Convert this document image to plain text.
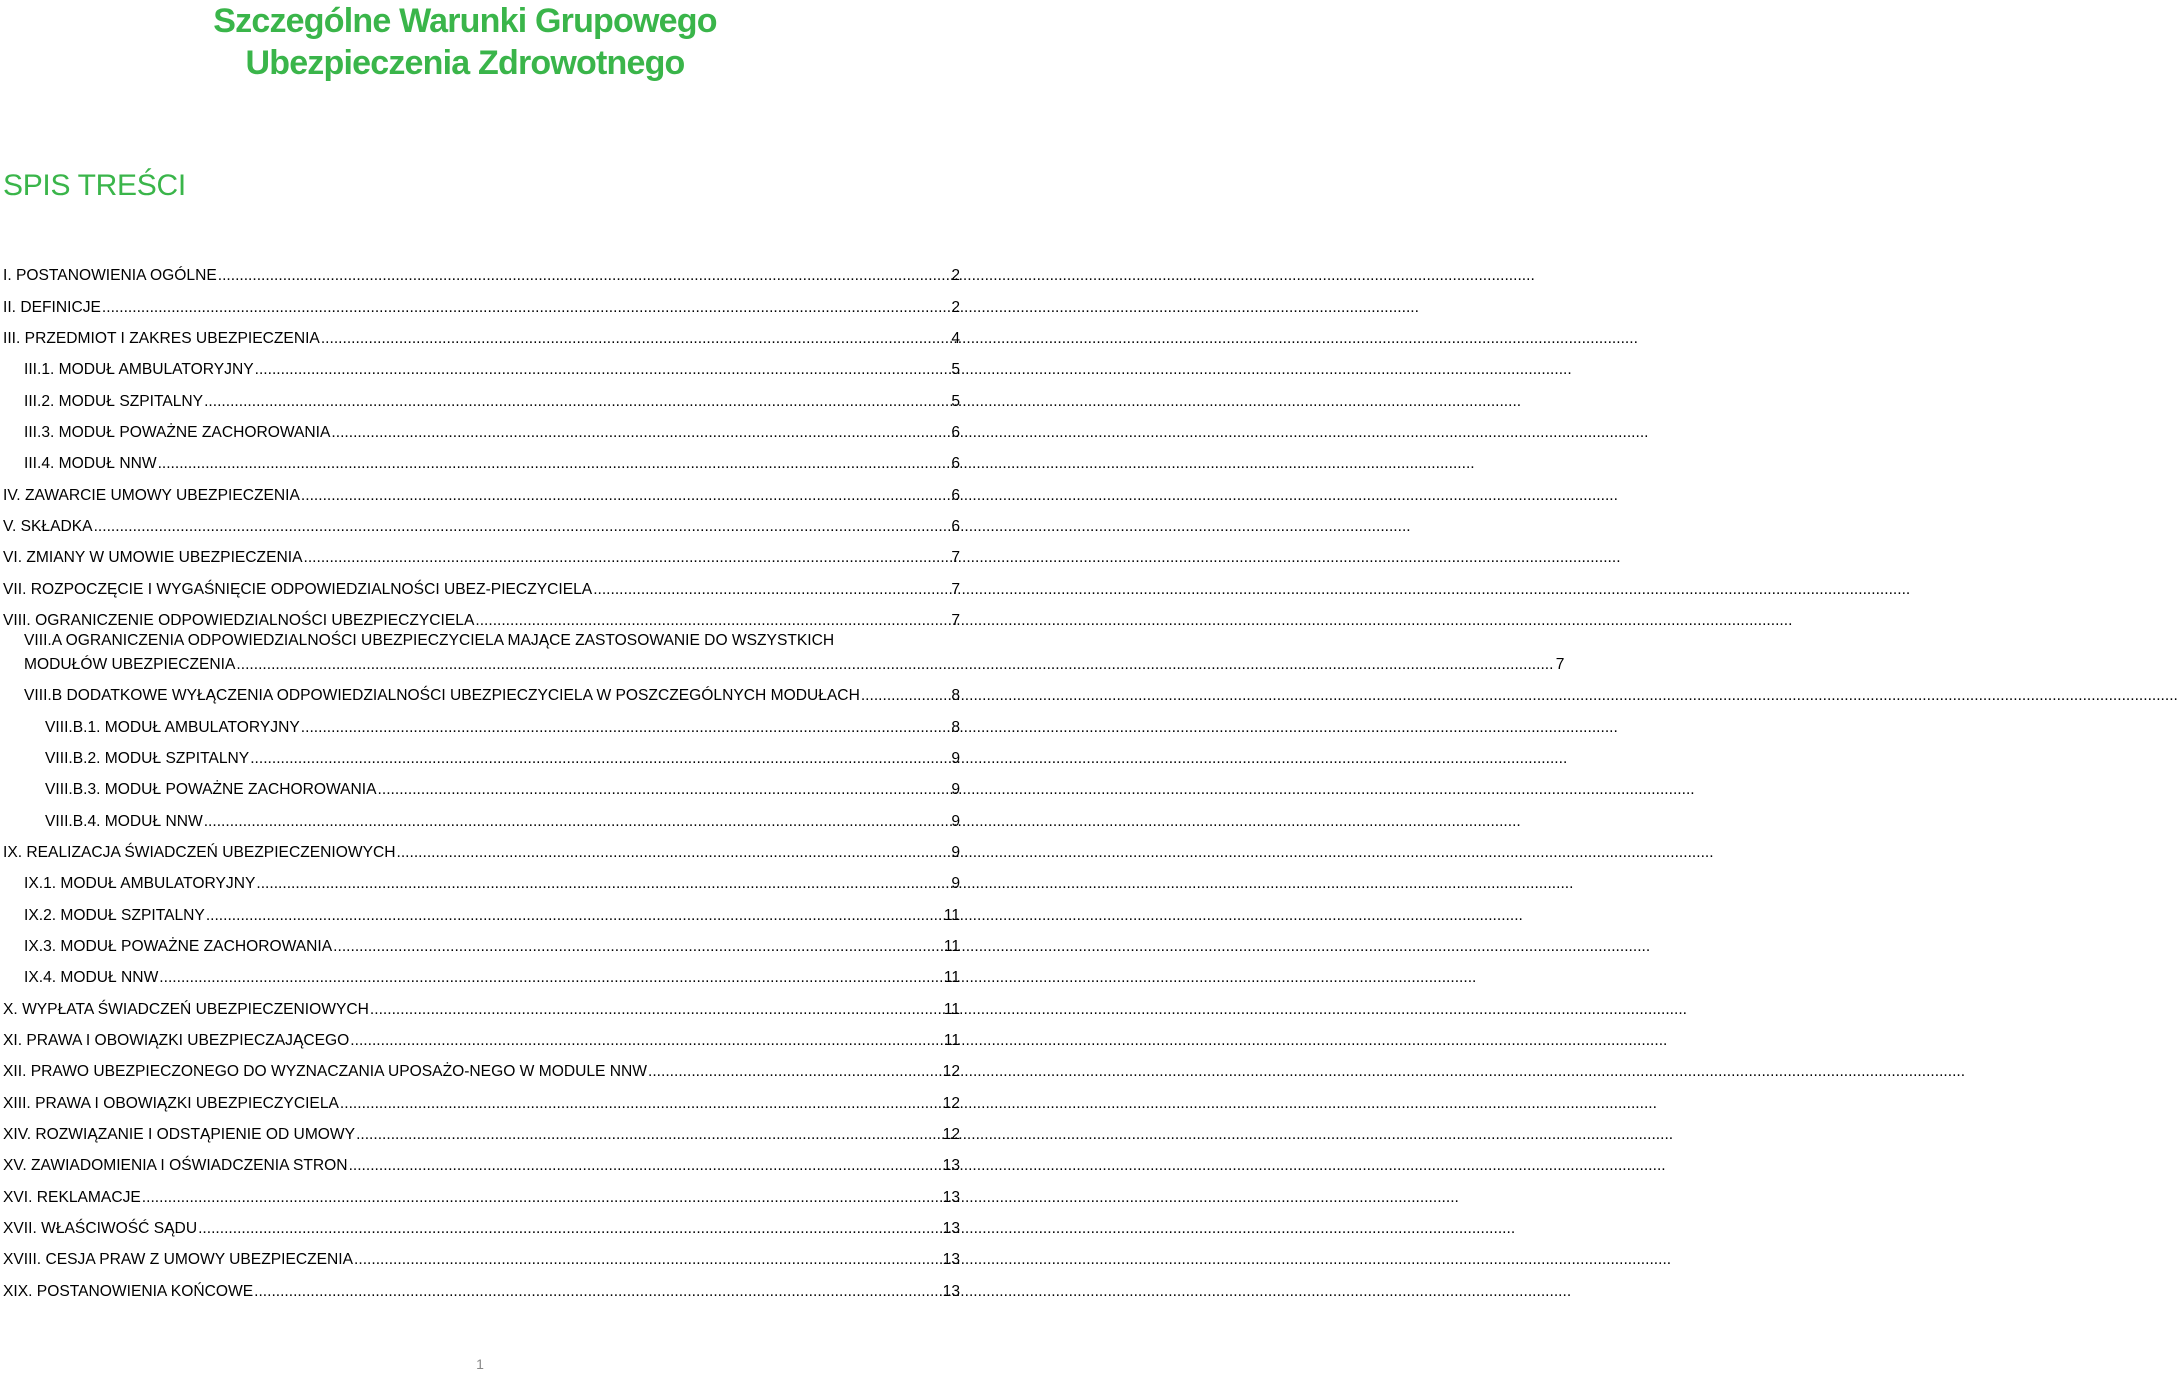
Szczególne Warunki Grupowego
Ubezpieczenia Zdrowotnego
SPIS TREŚCI
I. POSTANOWIENIA OGÓLNE .....	2
II. DEFINICJE .....	2
III. PRZEDMIOT I ZAKRES UBEZPIECZENIA .....	4
III.1. MODUŁ AMBULATORYJNY .....	5
III.2. MODUŁ SZPITALNY .....	5
III.3. MODUŁ POWAŻNE ZACHOROWANIA .....	6
III.4. MODUŁ NNW .....	6
IV. ZAWARCIE UMOWY UBEZPIECZENIA .....	6
V. SKŁADKA .....	6
VI. ZMIANY W UMOWIE UBEZPIECZENIA .....	7
VII. ROZPOCZĘCIE I WYGAŚNIĘCIE ODPOWIEDZIALNOŚCI UBEZ-PIECZYCIELA .....	7
VIII. OGRANICZENIE ODPOWIEDZIALNOŚCI UBEZPIECZYCIELA .....	7
VIII.A OGRANICZENIA ODPOWIEDZIALNOŚCI UBEZPIECZYCIELA MAJĄCE ZASTOSOWANIE DO WSZYSTKICH
MODUŁÓW UBEZPIECZENIA .....	7
VIII.B DODATKOWE WYŁĄCZENIA ODPOWIEDZIALNOŚCI UBEZPIECZYCIELA W POSZCZEGÓLNYCH MODUŁACH .....	8
VIII.B.1. MODUŁ AMBULATORYJNY .....	8
VIII.B.2. MODUŁ SZPITALNY .....	9
VIII.B.3. MODUŁ POWAŻNE ZACHOROWANIA .....	9
VIII.B.4. MODUŁ NNW .....	9
IX. REALIZACJA ŚWIADCZEŃ UBEZPIECZENIOWYCH .....	9
IX.1. MODUŁ AMBULATORYJNY .....	9
IX.2. MODUŁ SZPITALNY .....	11
IX.3. MODUŁ POWAŻNE ZACHOROWANIA .....	11
IX.4. MODUŁ NNW .....	11
X. WYPŁATA ŚWIADCZEŃ UBEZPIECZENIOWYCH .....	11
XI. PRAWA I OBOWIĄZKI UBEZPIECZAJĄCEGO .....	11
XII. PRAWO UBEZPIECZONEGO DO WYZNACZANIA UPOSAŻO-NEGO W MODULE NNW .....	12
XIII. PRAWA I OBOWIĄZKI UBEZPIECZYCIELA .....	12
XIV. ROZWIĄZANIE I ODSTĄPIENIE OD UMOWY .....	12
XV. ZAWIADOMIENIA I OŚWIADCZENIA STRON .....	13
XVI. REKLAMACJE .....	13
XVII. WŁAŚCIWOŚĆ SĄDU .....	13
XVIII. CESJA PRAW Z UMOWY UBEZPIECZENIA .....	13
XIX. POSTANOWIENIA KOŃCOWE .....	13
1
